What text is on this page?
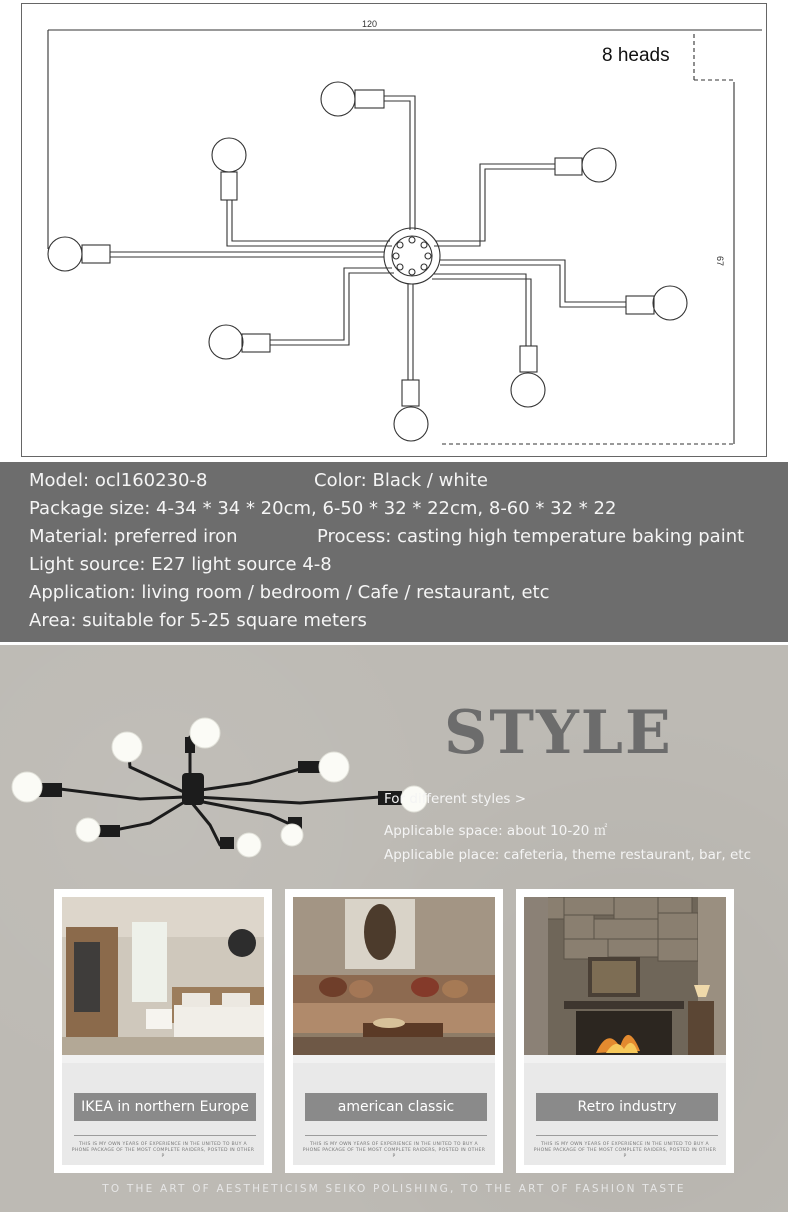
120
67
8 heads
Model: ocl160230-8	Color: Black / white
Package size: 4-34 * 34 * 20cm, 6-50 * 32 * 22cm, 8-60 * 32 * 22
Material: preferred iron	Process: casting high temperature baking paint
Light source: E27 light source 4-8
Application: living room / bedroom / Cafe / restaurant, etc
Area: suitable for 5-25 square meters
STYLE
For different styles >
Applicable space: about 10-20 ㎡
Applicable place: cafeteria, theme restaurant, bar, etc
IKEA in northern Europe
THIS IS MY OWN YEARS OF EXPERIENCE IN THE UNITED TO BUY A PHONE PACKAGE OF THE MOST COMPLETE RAIDERS, POSTED IN OTHER P
american classic
THIS IS MY OWN YEARS OF EXPERIENCE IN THE UNITED TO BUY A PHONE PACKAGE OF THE MOST COMPLETE RAIDERS, POSTED IN OTHER P
Retro industry
THIS IS MY OWN YEARS OF EXPERIENCE IN THE UNITED TO BUY A PHONE PACKAGE OF THE MOST COMPLETE RAIDERS, POSTED IN OTHER P
TO THE ART OF AESTHETICISM SEIKO POLISHING, TO THE ART OF FASHION TASTE
